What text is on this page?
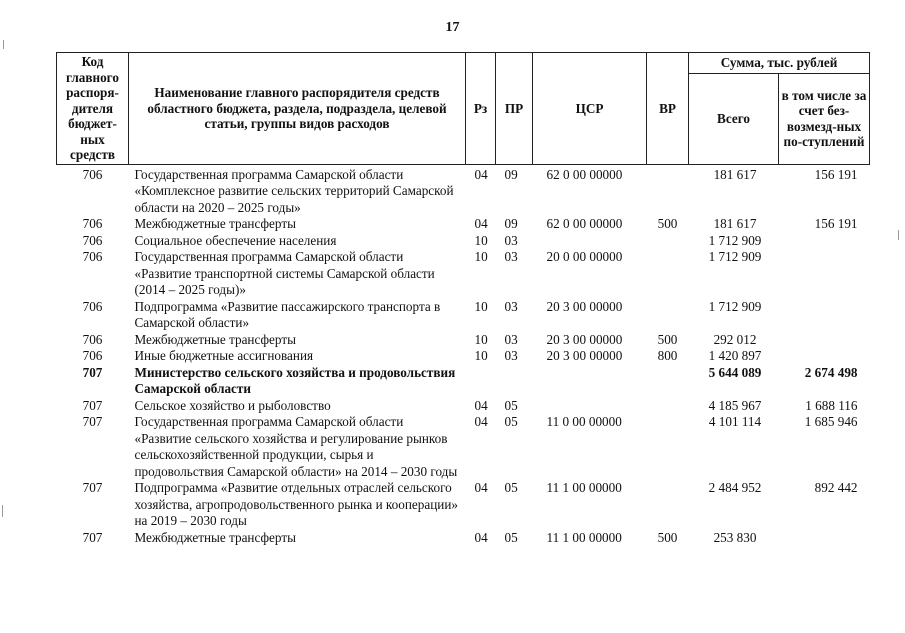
17
Код главного распоря-дителя бюджет-ных средств	Наименование главного распорядителя средств областного бюджета, раздела, подраздела, целевой статьи, группы видов расходов	Рз	ПР	ЦСР	ВР	Сумма, тыс. рублей	
						Всего	в том числе за счет без-возмезд-ных по-ступлений
706	Государственная программа Самарской области «Комплексное развитие сельских территорий Самарской области на 2020 – 2025 годы»	04	09	62 0 00 00000		181 617	156 191
706	Межбюджетные трансферты	04	09	62 0 00 00000	500	181 617	156 191
706	Социальное обеспечение населения	10	03			1 712 909	
706	Государственная программа Самарской области «Развитие транспортной системы Самарской области (2014 – 2025 годы)»	10	03	20 0 00 00000		1 712 909	
706	Подпрограмма «Развитие пассажирского транспорта в Самарской области»	10	03	20 3 00 00000		1 712 909	
706	Межбюджетные трансферты	10	03	20 3 00 00000	500	292 012	
706	Иные бюджетные ассигнования	10	03	20 3 00 00000	800	1 420 897	
707	Министерство сельского хозяйства и продовольствия Самарской области					5 644 089	2 674 498
707	Сельское хозяйство и рыболовство	04	05			4 185 967	1 688 116
707	Государственная программа Самарской области «Развитие сельского хозяйства и регулирование рынков сельскохозяйственной продукции, сырья и продовольствия Самарской области» на 2014 – 2030 годы	04	05	11 0 00 00000		4 101 114	1 685 946
707	Подпрограмма «Развитие отдельных отраслей сельского хозяйства, агропродовольственного рынка и кооперации» на 2019 – 2030 годы	04	05	11 1 00 00000		2 484 952	892 442
707	Межбюджетные трансферты	04	05	11 1 00 00000	500	253 830	
